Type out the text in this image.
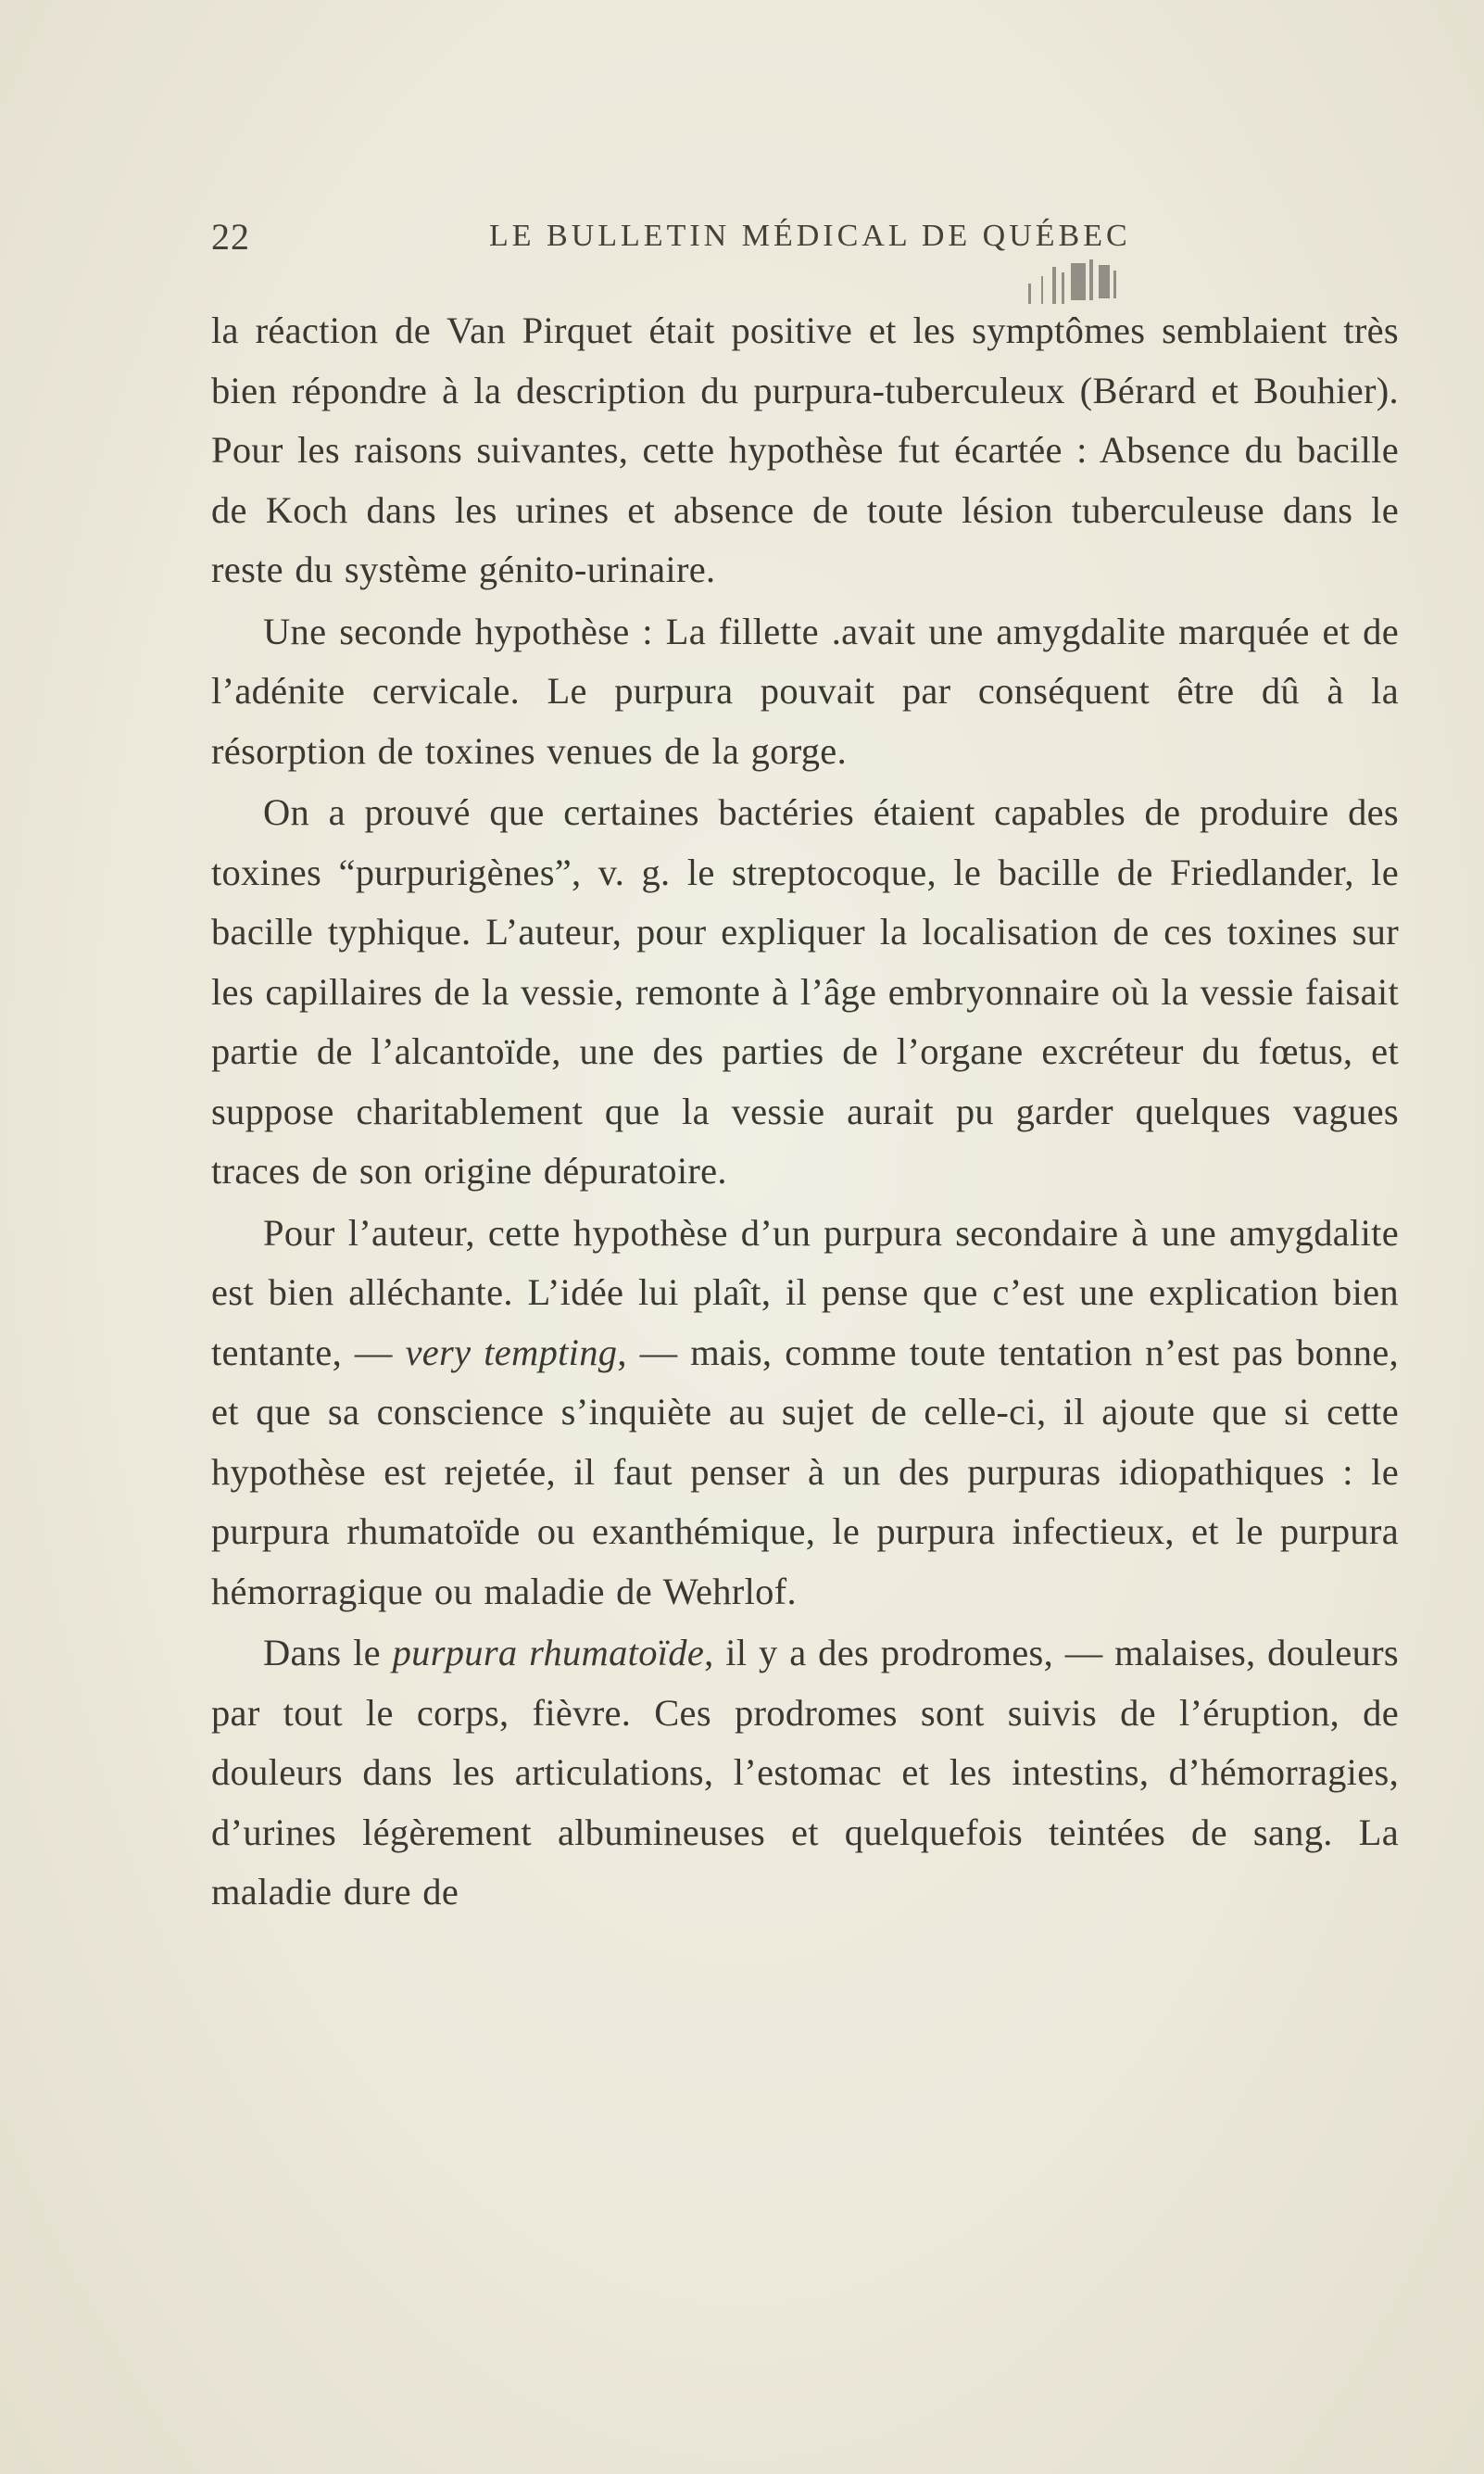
22	LE BULLETIN MÉDICAL DE QUÉBEC

la réaction de Van Pirquet était positive et les symptômes semblaient très bien répondre à la description du purpura-tuberculeux (Bérard et Bouhier). Pour les raisons suivantes, cette hypothèse fut écartée : Absence du bacille de Koch dans les urines et absence de toute lésion tuberculeuse dans le reste du système génito-urinaire.

Une seconde hypothèse : La fillette .avait une amygdalite marquée et de l’adénite cervicale. Le purpura pouvait par conséquent être dû à la résorption de toxines venues de la gorge.

On a prouvé que certaines bactéries étaient capables de produire des toxines “purpurigènes”, v. g. le streptocoque, le bacille de Friedlander, le bacille typhique. L’auteur, pour expliquer la localisation de ces toxines sur les capillaires de la vessie, remonte à l’âge embryonnaire où la vessie faisait partie de l’alcantoïde, une des parties de l’organe excréteur du fœtus, et suppose charitablement que la vessie aurait pu garder quelques vagues traces de son origine dépuratoire.

Pour l’auteur, cette hypothèse d’un purpura secondaire à une amygdalite est bien alléchante. L’idée lui plaît, il pense que c’est une explication bien tentante, — very tempting, — mais, comme toute tentation n’est pas bonne, et que sa conscience s’inquiète au sujet de celle-ci, il ajoute que si cette hypothèse est rejetée, il faut penser à un des purpuras idiopathiques : le purpura rhumatoïde ou exanthémique, le purpura infectieux, et le purpura hémorragique ou maladie de Wehrlof.

Dans le purpura rhumatoïde, il y a des prodromes, — malaises, douleurs par tout le corps, fièvre. Ces prodromes sont suivis de l’éruption, de douleurs dans les articulations, l’estomac et les intestins, d’hémorragies, d’urines légèrement albumineuses et quelquefois teintées de sang. La maladie dure de
